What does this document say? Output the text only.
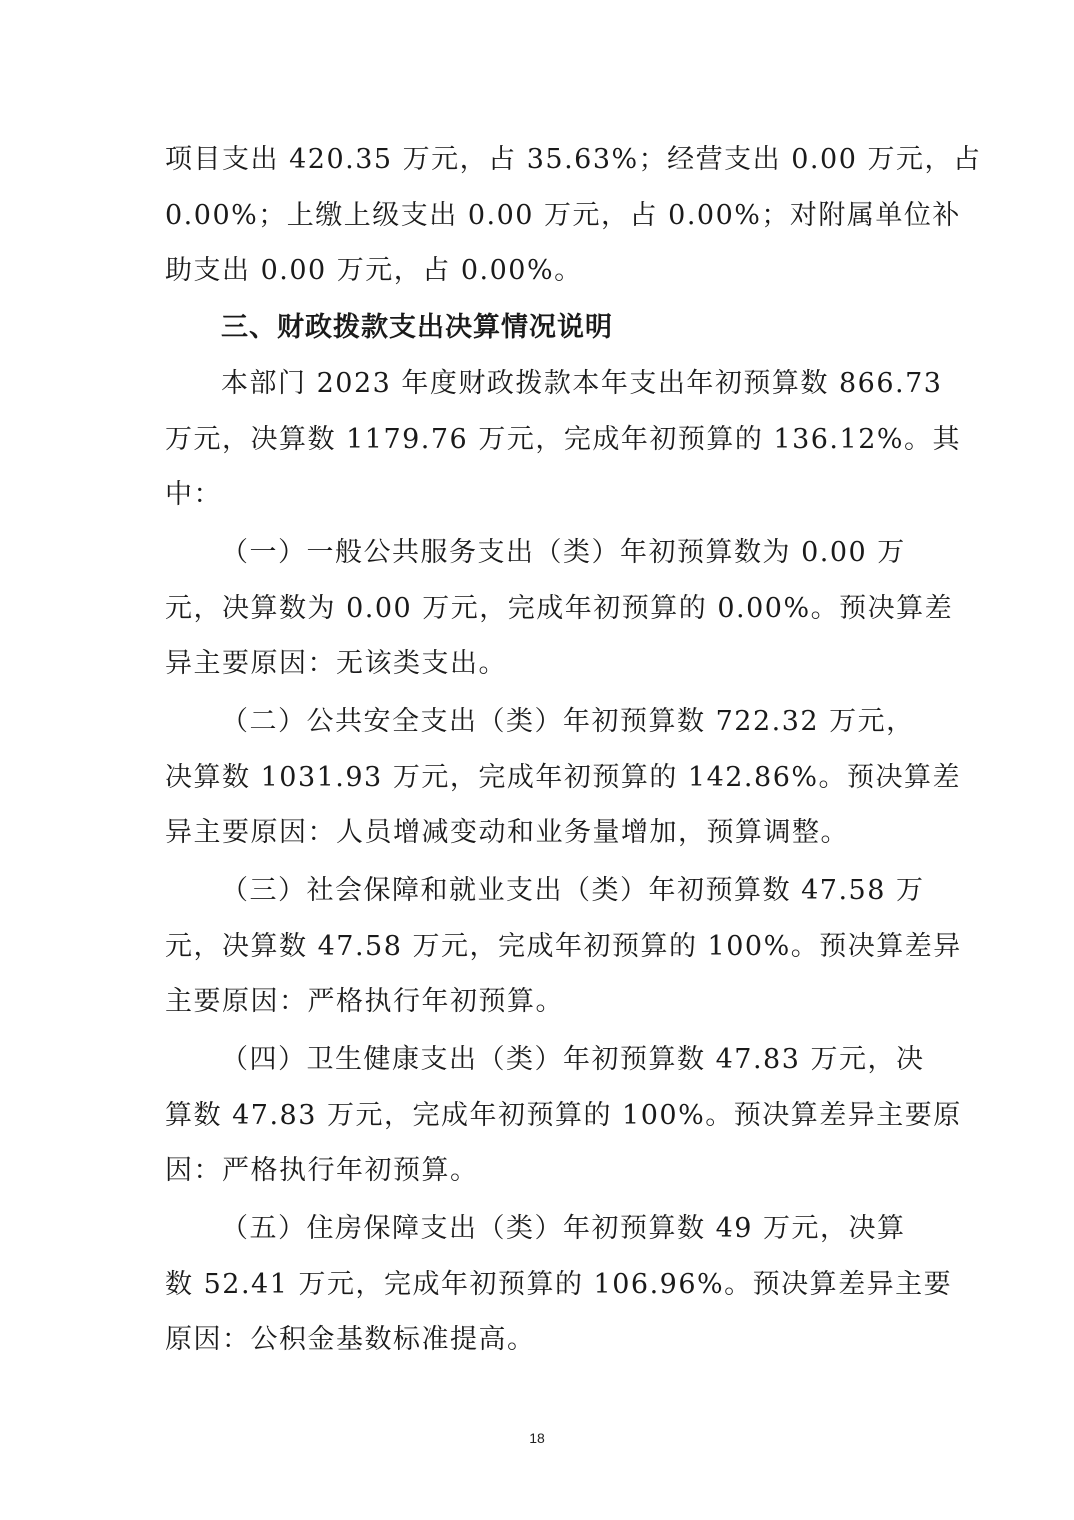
项目支出 420.35 万元，占 35.63%；经营支出 0.00 万元，占
0.00%；上缴上级支出 0.00 万元，占 0.00%；对附属单位补
助支出 0.00 万元，占 0.00%。
三、财政拨款支出决算情况说明
本部门 2023 年度财政拨款本年支出年初预算数 866.73
万元，决算数 1179.76 万元，完成年初预算的 136.12%。其
中：
（一）一般公共服务支出（类）年初预算数为 0.00 万
元，决算数为 0.00 万元，完成年初预算的 0.00%。预决算差
异主要原因：无该类支出。
（二）公共安全支出（类）年初预算数 722.32 万元，
决算数 1031.93 万元，完成年初预算的 142.86%。预决算差
异主要原因：人员增减变动和业务量增加，预算调整。
（三）社会保障和就业支出（类）年初预算数 47.58 万
元，决算数 47.58 万元，完成年初预算的 100%。预决算差异
主要原因：严格执行年初预算。
（四）卫生健康支出（类）年初预算数 47.83 万元，决
算数 47.83 万元，完成年初预算的 100%。预决算差异主要原
因：严格执行年初预算。
（五）住房保障支出（类）年初预算数 49 万元，决算
数 52.41 万元，完成年初预算的 106.96%。预决算差异主要
原因：公积金基数标准提高。
18
